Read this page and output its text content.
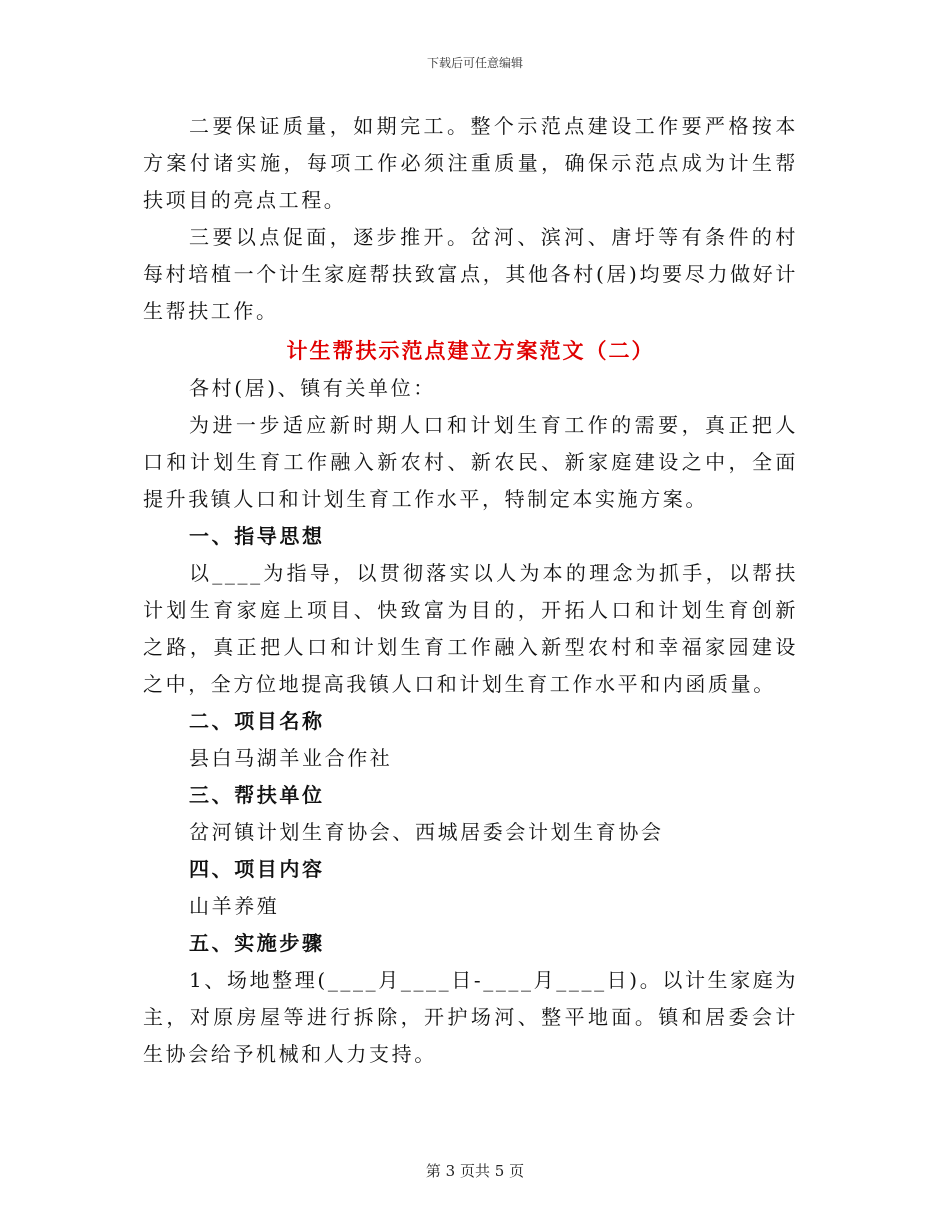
下载后可任意编辑

二要保证质量，如期完工。整个示范点建设工作要严格按本方案付诸实施，每项工作必须注重质量，确保示范点成为计生帮扶项目的亮点工程。

三要以点促面，逐步推开。岔河、滨河、唐圩等有条件的村每村培植一个计生家庭帮扶致富点，其他各村(居)均要尽力做好计生帮扶工作。

计生帮扶示范点建立方案范文（二）

各村(居)、镇有关单位：

为进一步适应新时期人口和计划生育工作的需要，真正把人口和计划生育工作融入新农村、新农民、新家庭建设之中，全面提升我镇人口和计划生育工作水平，特制定本实施方案。

一、指导思想

以____为指导，以贯彻落实以人为本的理念为抓手，以帮扶计划生育家庭上项目、快致富为目的，开拓人口和计划生育创新之路，真正把人口和计划生育工作融入新型农村和幸福家园建设之中，全方位地提高我镇人口和计划生育工作水平和内函质量。

二、项目名称

县白马湖羊业合作社

三、帮扶单位

岔河镇计划生育协会、西城居委会计划生育协会

四、项目内容

山羊养殖

五、实施步骤

1、场地整理(____月____日-____月____日)。以计生家庭为主，对原房屋等进行拆除，开护场河、整平地面。镇和居委会计生协会给予机械和人力支持。

第 3 页共 5 页
